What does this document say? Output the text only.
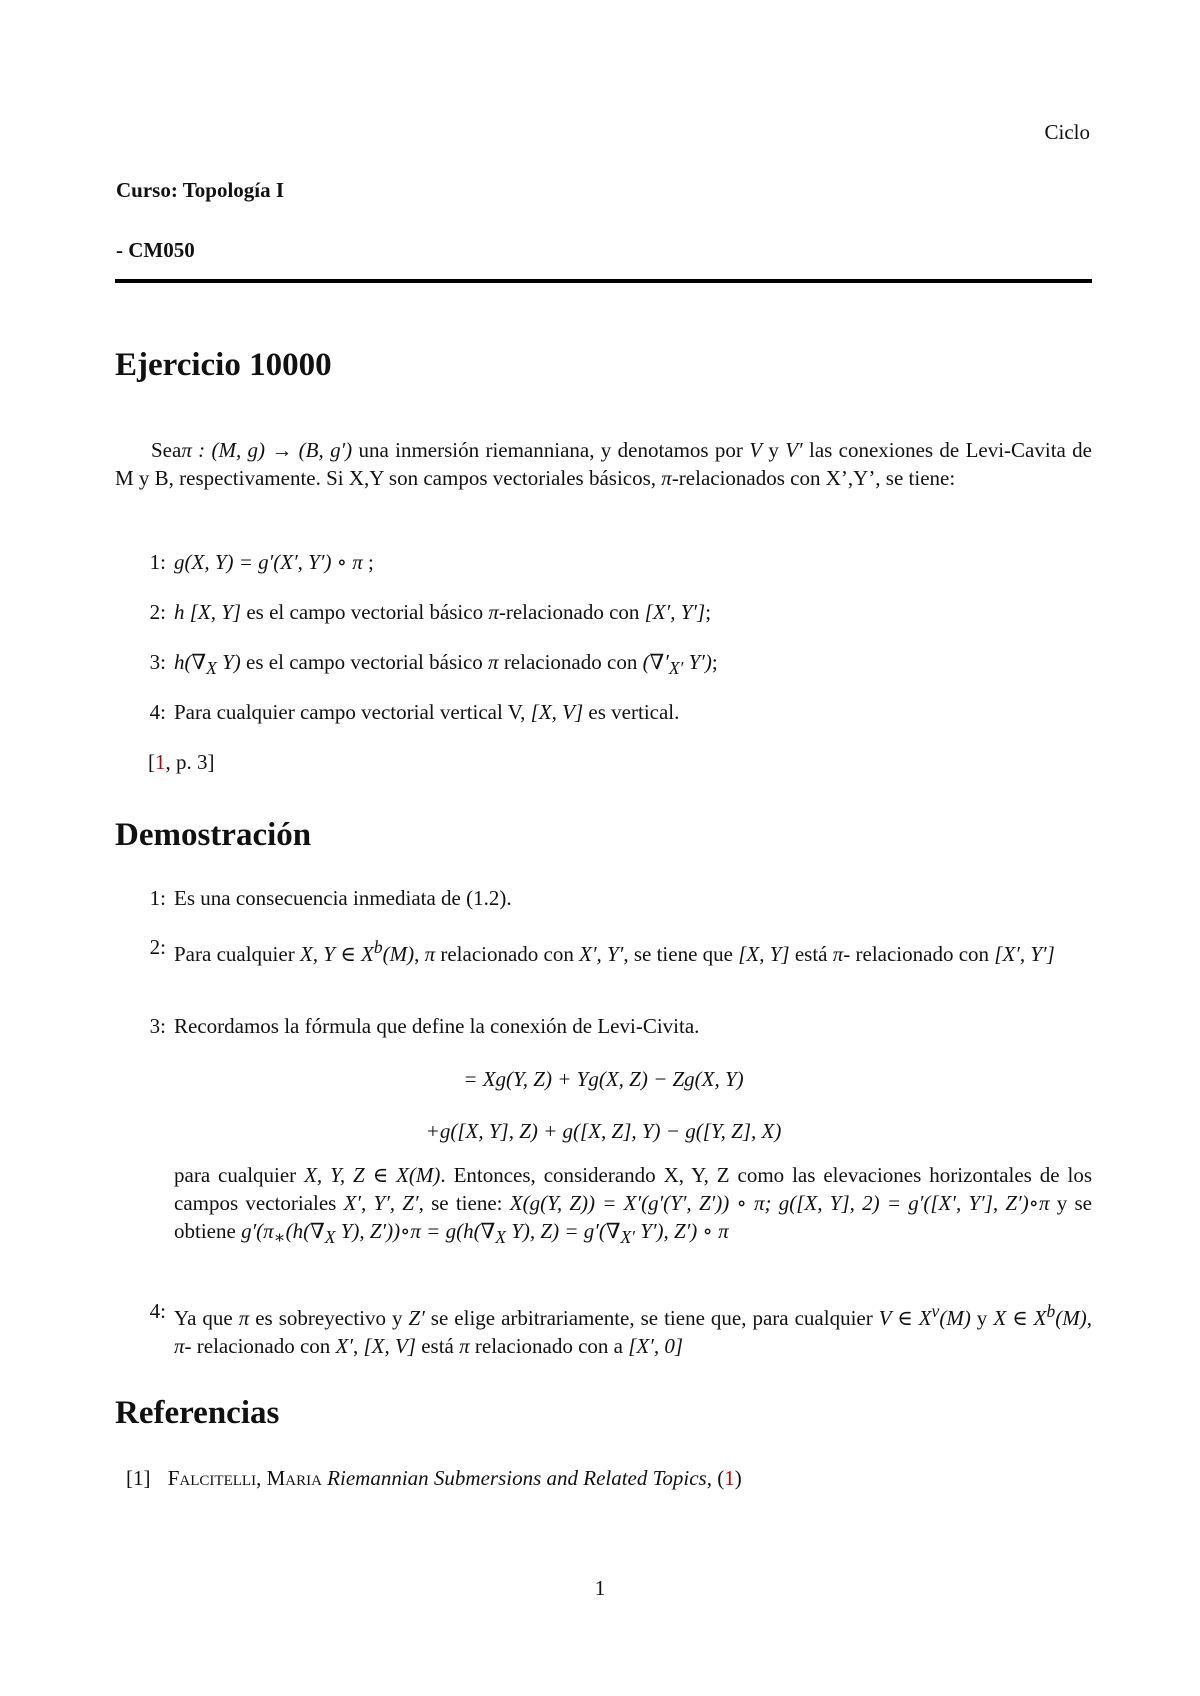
Ciclo
Curso: Topología I
- CM050
Ejercicio 10000
Seaπ : (M, g) → (B, g′) una inmersión riemanniana, y denotamos por V y V′ las conexiones de Levi-Cavita de M y B, respectivamente. Si X,Y son campos vectoriales básicos, π-relacionados con X’,Y’, se tiene:
1: g(X, Y) = g′(X′, Y′) ∘ π ;
2: h [X, Y] es el campo vectorial básico π-relacionado con [X′, Y′];
3: $h(\nabla_X$ Y) es el campo vectorial básico π relacionado con ($\nabla'_{X'}$ Y′);
4: Para cualquier campo vectorial vertical V, [X, V] es vertical.
[1, p. 3]
Demostración
1: Es una consecuencia inmediata de (1.2).
2: Para cualquier X, Y ∈ $X^b(M)$, π relacionado con X′, Y′, se tiene que [X, Y] está π- relacionado con [X′, Y′]
3: Recordamos la fórmula que define la conexión de Levi-Civita.
= Xg(Y, Z) + Yg(X, Z) − Zg(X, Y)
+g([X, Y], Z) + g([X, Z], Y) − g([Y, Z], X)
para cualquier X, Y, Z ∈ X(M). Entonces, considerando X, Y, Z como las elevaciones horizontales de los campos vectoriales X′, Y′, Z′, se tiene: X(g(Y, Z)) = X′(g′(Y′, Z′)) ∘ π; g([X, Y], 2) = g′([X′, Y′], Z′)∘π y se obtiene $g'(\pi_∗(h(\nabla_X$ Y), Z′))∘π = $g(h(\nabla_X$ Y), $Z) = g'(\nabla_{X'}$ Y′), Z′) ∘ π
4: Ya que π es sobreyectivo y Z′ se elige arbitrariamente, se tiene que, para cualquier V ∈ $X^v(M)$ y X ∈ $X^b(M)$, π- relacionado con X′, [X, V] está π relacionado con a [X′, 0]
Referencias
[1] Falcitelli, Maria Riemannian Submersions and Related Topics, (1)
1
